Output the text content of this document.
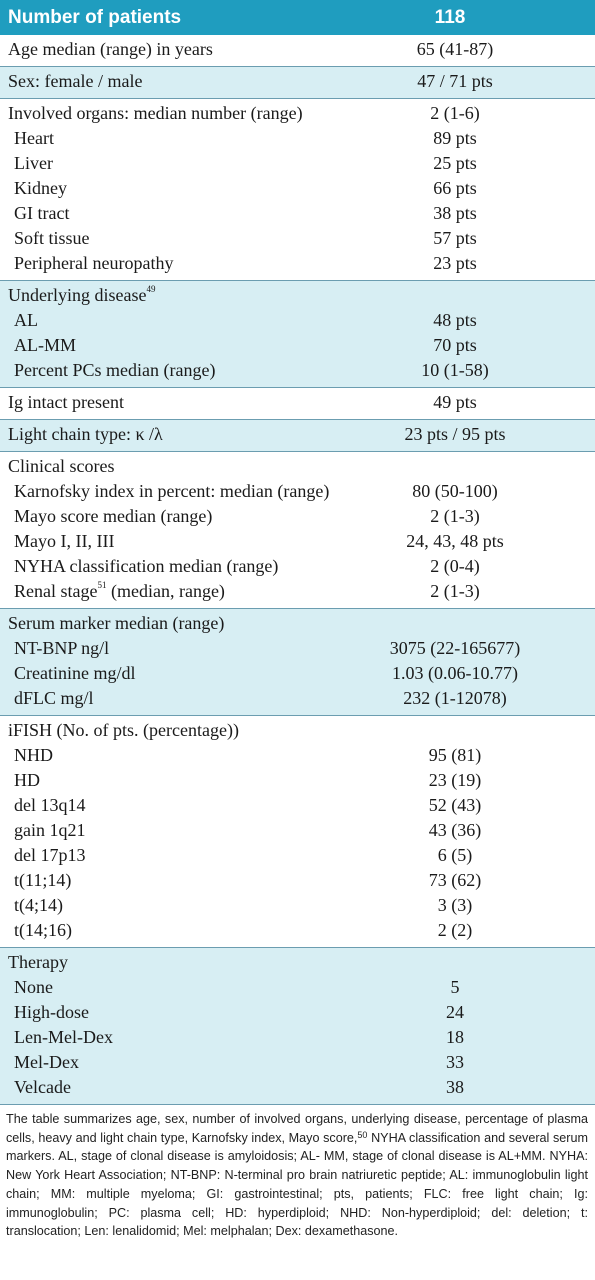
Number of patients	118
Age median (range) in years	65 (41-87)
Sex: female / male	47 / 71 pts
Involved organs: median number (range)	2 (1-6)
Heart	89 pts
Liver	25 pts
Kidney	66 pts
GI tract	38 pts
Soft tissue	57 pts
Peripheral neuropathy	23 pts
Underlying disease$^{49}$
AL	48 pts
AL-MM	70 pts
Percent PCs median (range)	10 (1-58)
Ig intact present	49 pts
Light chain type: κ /λ	23 pts / 95 pts
Clinical scores
Karnofsky index in percent: median (range)	80 (50-100)
Mayo score median (range)	2 (1-3)
Mayo I, II, III	24, 43, 48 pts
NYHA classification median (range)	2 (0-4)
Renal stage$^{51}$ (median, range)	2 (1-3)
Serum marker median (range)
NT-BNP ng/l	3075 (22-165677)
Creatinine mg/dl	1.03 (0.06-10.77)
dFLC mg/l	232 (1-12078)
iFISH (No. of pts. (percentage))
NHD	95 (81)
HD	23 (19)
del 13q14	52 (43)
gain 1q21	43 (36)
del 17p13	6 (5)
t(11;14)	73 (62)
t(4;14)	3 (3)
t(14;16)	2 (2)
Therapy
None	5
High-dose	24
Len-Mel-Dex	18
Mel-Dex	33
Velcade	38
The table summarizes age, sex, number of involved organs, underlying disease, percentage of plasma cells, heavy and light chain type, Karnofsky index, Mayo score,$^{50}$ NYHA classification and several serum markers. AL, stage of clonal disease is amyloidosis; AL- MM, stage of clonal disease is AL+MM. NYHA: New York Heart Association; NT-BNP: N-terminal pro brain natriuretic peptide; AL: immunoglobulin light chain; MM: multiple myeloma; GI: gastrointestinal; pts, patients; FLC: free light chain; Ig: immunoglobulin; PC: plasma cell; HD: hyperdiploid; NHD: Non-hyperdiploid; del: deletion; t: translocation; Len: lenalidomid; Mel: melphalan; Dex: dexamethasone.
